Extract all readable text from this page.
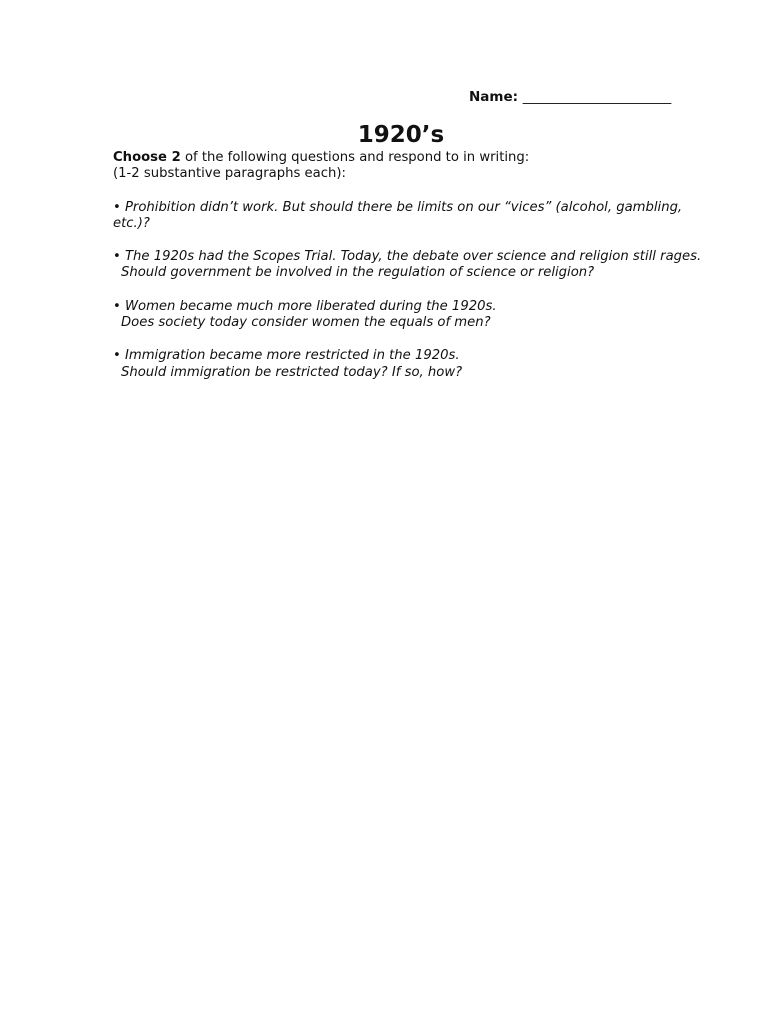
Name: ______________________
1920’s

Choose 2 of the following questions and respond to in writing:
(1-2 substantive paragraphs each):

• Prohibition didn’t work. But should there be limits on our “vices” (alcohol, gambling, etc.)?

• The 1920s had the Scopes Trial. Today, the debate over science and religion still rages.
Should government be involved in the regulation of science or religion?

• Women became much more liberated during the 1920s.
Does society today consider women the equals of men?

• Immigration became more restricted in the 1920s.
Should immigration be restricted today? If so, how?
